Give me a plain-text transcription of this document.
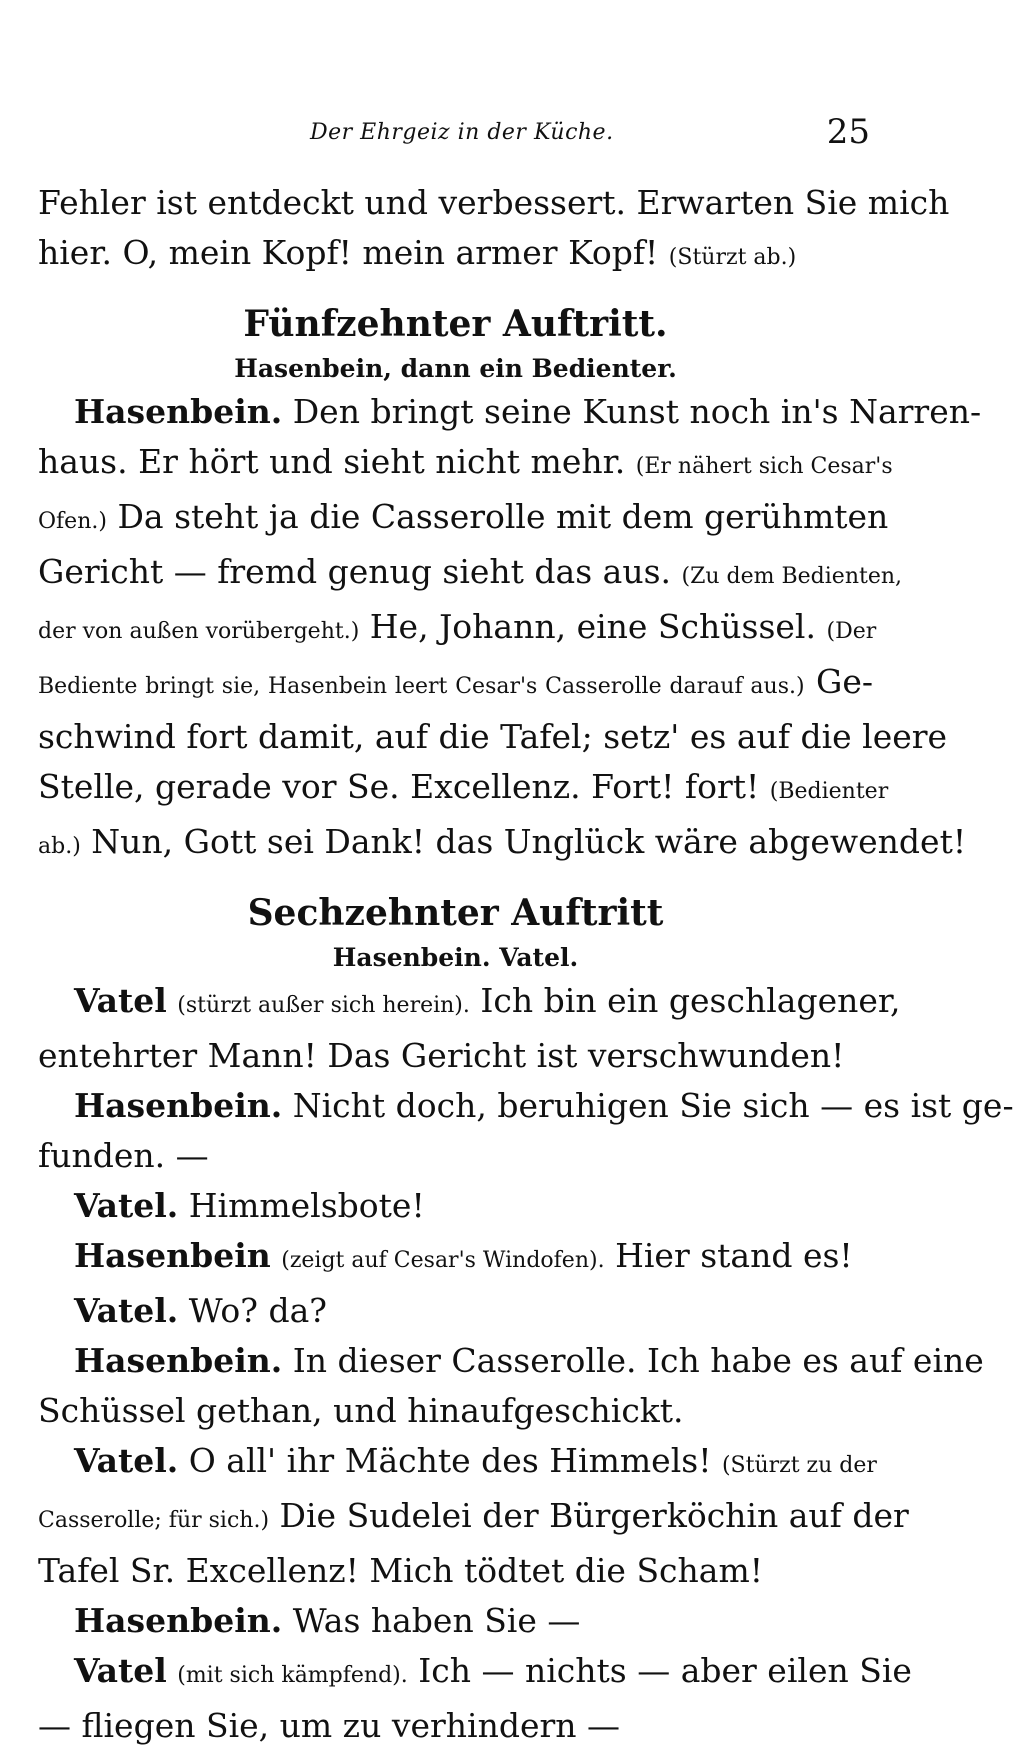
Der Ehrgeiz in der Küche.	25
Fehler ist entdeckt und verbessert. Erwarten Sie mich
hier. O, mein Kopf! mein armer Kopf! (Stürzt ab.)
Fünfzehnter Auftritt.
Hasenbein, dann ein Bedienter.
Hasenbein. Den bringt seine Kunst noch in's Narren-
haus. Er hört und sieht nicht mehr. (Er nähert sich Cesar's
Ofen.) Da steht ja die Casserolle mit dem gerühmten
Gericht — fremd genug sieht das aus. (Zu dem Bedienten,
der von außen vorübergeht.) He, Johann, eine Schüssel. (Der
Bediente bringt sie, Hasenbein leert Cesar's Casserolle darauf aus.) Ge-
schwind fort damit, auf die Tafel; setz' es auf die leere
Stelle, gerade vor Se. Excellenz. Fort! fort! (Bedienter
ab.) Nun, Gott sei Dank! das Unglück wäre abgewendet!
Sechzehnter Auftritt
Hasenbein. Vatel.
Vatel (stürzt außer sich herein). Ich bin ein geschlagener,
entehrter Mann! Das Gericht ist verschwunden!
Hasenbein. Nicht doch, beruhigen Sie sich — es ist ge-
funden. —
Vatel. Himmelsbote!
Hasenbein (zeigt auf Cesar's Windofen). Hier stand es!
Vatel. Wo? da?
Hasenbein. In dieser Casserolle. Ich habe es auf eine
Schüssel gethan, und hinaufgeschickt.
Vatel. O all' ihr Mächte des Himmels! (Stürzt zu der
Casserolle; für sich.) Die Sudelei der Bürgerköchin auf der
Tafel Sr. Excellenz! Mich tödtet die Scham!
Hasenbein. Was haben Sie —
Vatel (mit sich kämpfend). Ich — nichts — aber eilen Sie
— fliegen Sie, um zu verhindern —
